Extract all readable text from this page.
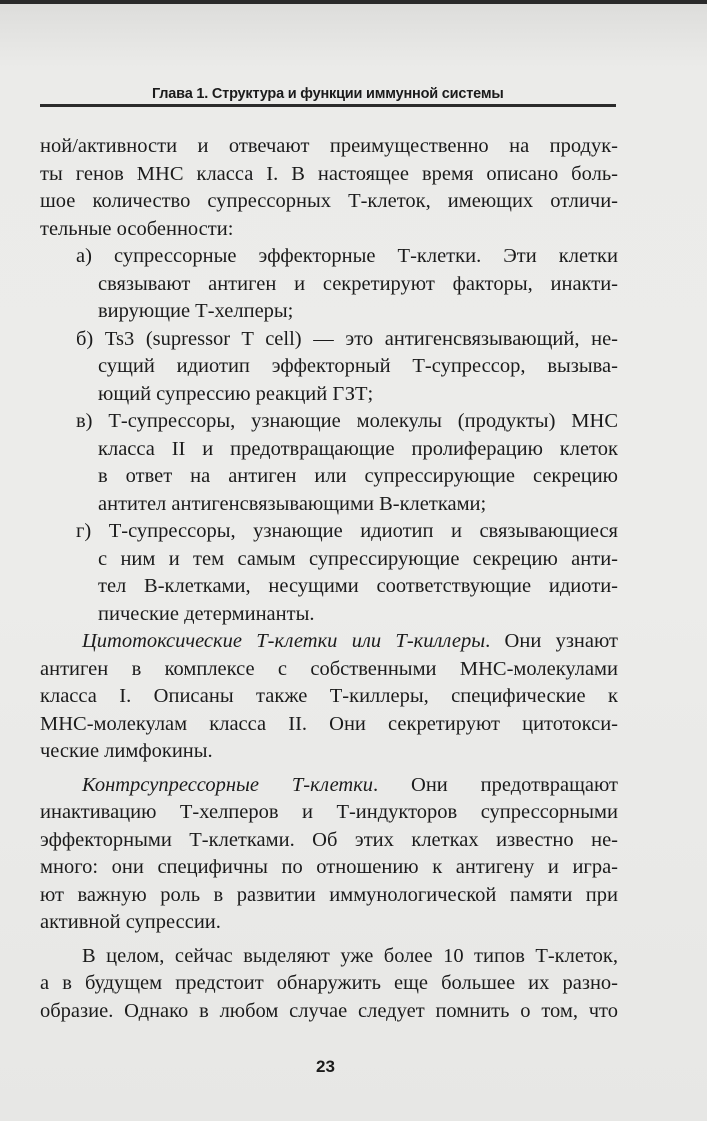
Глава 1. Структура и функции иммунной системы
ной/активности и отвечают преимущественно на продук-
ты генов МНС класса I. В настоящее время описано боль-
шое количество супрессорных Т-клеток, имеющих отличи-
тельные особенности:
а) супрессорные эффекторные Т-клетки. Эти клетки
связывают антиген и секретируют факторы, инакти-
вирующие Т-хелперы;
б) Ts3 (supressor T cell) — это антигенсвязывающий, не-
сущий идиотип эффекторный Т-супрессор, вызыва-
ющий супрессию реакций ГЗТ;
в) Т-супрессоры, узнающие молекулы (продукты) МНС
класса II и предотвращающие пролиферацию клеток
в ответ на антиген или супрессирующие секрецию
антител антигенсвязывающими В-клетками;
г) Т-супрессоры, узнающие идиотип и связывающиеся
с ним и тем самым супрессирующие секрецию анти-
тел В-клетками, несущими соответствующие идиоти-
пические детерминанты.
Цитотоксические Т-клетки или Т-киллеры. Они узнают
антиген в комплексе с собственными МНС-молекулами
класса I. Описаны также Т-киллеры, специфические к
МНС-молекулам класса II. Они секретируют цитотокси-
ческие лимфокины.
Контрсупрессорные Т-клетки. Они предотвращают
инактивацию Т-хелперов и Т-индукторов супрессорными
эффекторными Т-клетками. Об этих клетках известно не-
много: они специфичны по отношению к антигену и игра-
ют важную роль в развитии иммунологической памяти при
активной супрессии.
В целом, сейчас выделяют уже более 10 типов Т-клеток,
а в будущем предстоит обнаружить еще большее их разно-
образие. Однако в любом случае следует помнить о том, что
23
